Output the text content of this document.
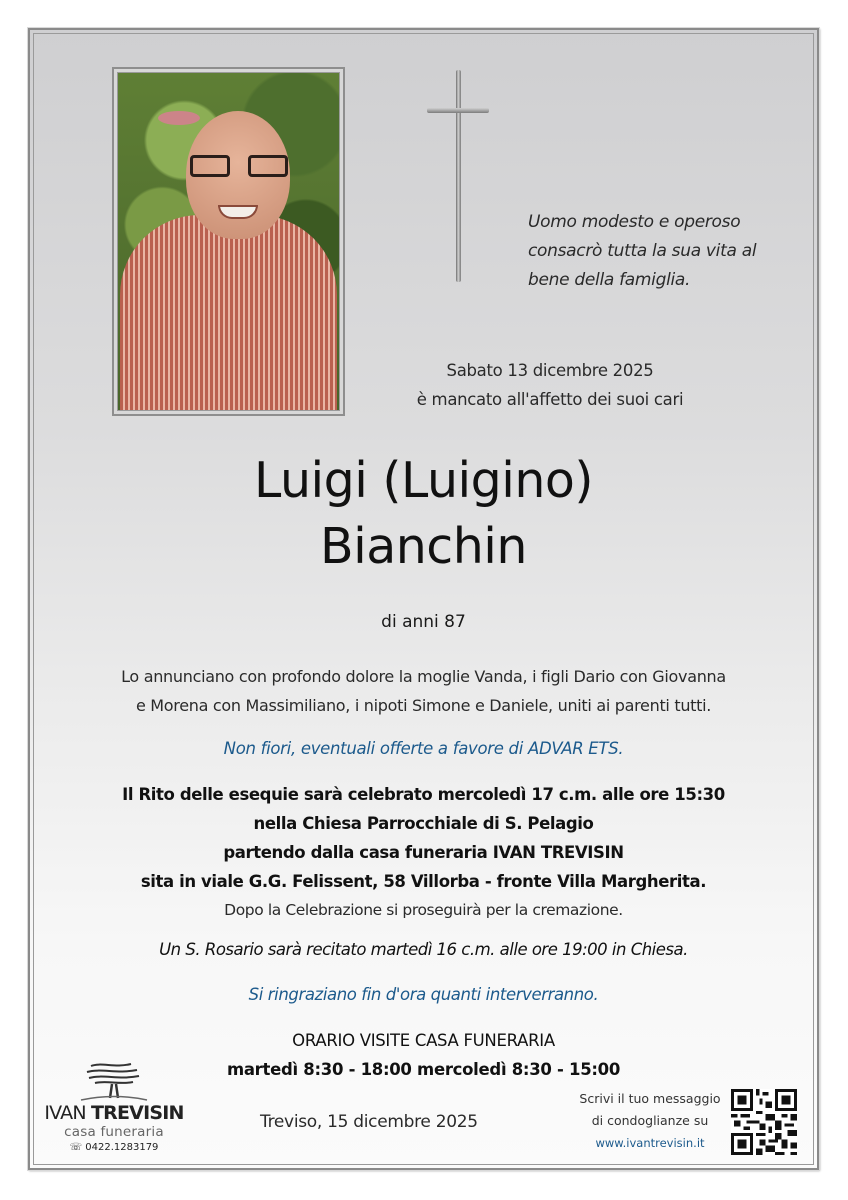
Uomo modesto e operoso
consacrò tutta la sua vita al
bene della famiglia.
Sabato 13 dicembre 2025
è mancato all'affetto dei suoi cari
Luigi (Luigino)
Bianchin
di anni 87
Lo annunciano con profondo dolore la moglie Vanda, i figli Dario con Giovanna
e Morena con Massimiliano, i nipoti Simone e Daniele, uniti ai parenti tutti.
Non fiori, eventuali offerte a favore di ADVAR ETS.
Il Rito delle esequie sarà celebrato mercoledì 17 c.m. alle ore 15:30
nella Chiesa Parrocchiale di S. Pelagio
partendo dalla casa funeraria IVAN TREVISIN
sita in viale G.G. Felissent, 58 Villorba - fronte Villa Margherita.
Dopo la Celebrazione si proseguirà per la cremazione.
Un S. Rosario sarà recitato martedì 16 c.m. alle ore 19:00 in Chiesa.
Si ringraziano fin d'ora quanti interverranno.
ORARIO VISITE CASA FUNERARIA
martedì 8:30 - 18:00 mercoledì 8:30 - 15:00
IVAN TREVISIN
casa funeraria
☏ 0422.1283179
Treviso, 15 dicembre 2025
Scrivi il tuo messaggio
di condoglianze su
www.ivantrevisin.it
